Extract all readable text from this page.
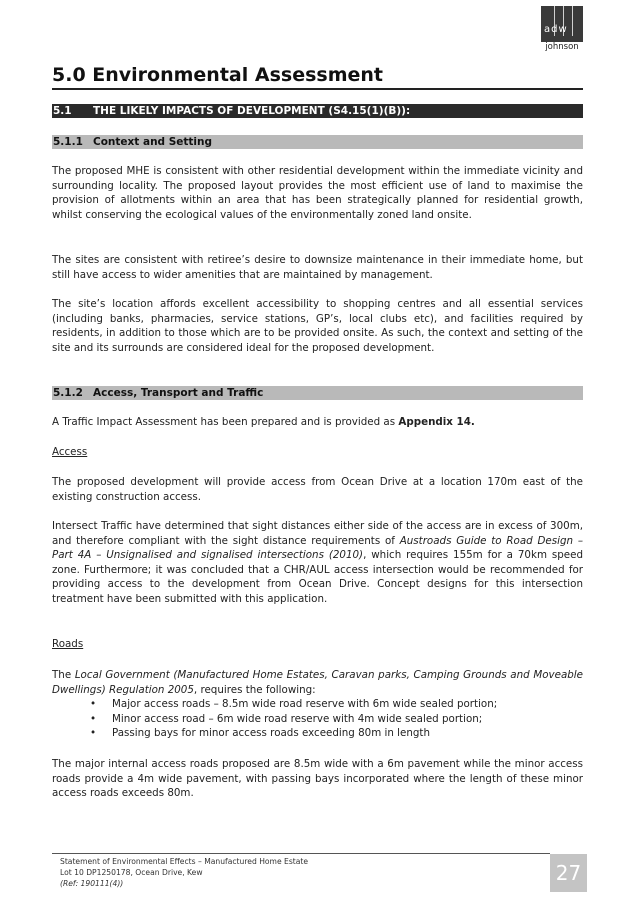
adw
johnson
5.0 Environmental Assessment
5.1 THE LIKELY IMPACTS OF DEVELOPMENT (S4.15(1)(B)):
5.1.1 Context and Setting

The proposed MHE is consistent with other residential development within the immediate vicinity and surrounding locality. The proposed layout provides the most efficient use of land to maximise the provision of allotments within an area that has been strategically planned for residential growth, whilst conserving the ecological values of the environmentally zoned land onsite.

The sites are consistent with retiree’s desire to downsize maintenance in their immediate home, but still have access to wider amenities that are maintained by management.

The site’s location affords excellent accessibility to shopping centres and all essential services (including banks, pharmacies, service stations, GP’s, local clubs etc), and facilities required by residents, in addition to those which are to be provided onsite. As such, the context and setting of the site and its surrounds are considered ideal for the proposed development.

5.1.2 Access, Transport and Traffic

A Traffic Impact Assessment has been prepared and is provided as Appendix 14.

Access

The proposed development will provide access from Ocean Drive at a location 170m east of the existing construction access.

Intersect Traffic have determined that sight distances either side of the access are in excess of 300m, and therefore compliant with the sight distance requirements of Austroads Guide to Road Design – Part 4A – Unsignalised and signalised intersections (2010), which requires 155m for a 70km speed zone. Furthermore; it was concluded that a CHR/AUL access intersection would be recommended for providing access to the development from Ocean Drive. Concept designs for this intersection treatment have been submitted with this application.

Roads

The Local Government (Manufactured Home Estates, Caravan parks, Camping Grounds and Moveable Dwellings) Regulation 2005, requires the following:

• Major access roads – 8.5m wide road reserve with 6m wide sealed portion;
• Minor access road – 6m wide road reserve with 4m wide sealed portion;
• Passing bays for minor access roads exceeding 80m in length

The major internal access roads proposed are 8.5m wide with a 6m pavement while the minor access roads provide a 4m wide pavement, with passing bays incorporated where the length of these minor access roads exceeds 80m.

Statement of Environmental Effects – Manufactured Home Estate
Lot 10 DP1250178, Ocean Drive, Kew
(Ref: 190111(4))	27
